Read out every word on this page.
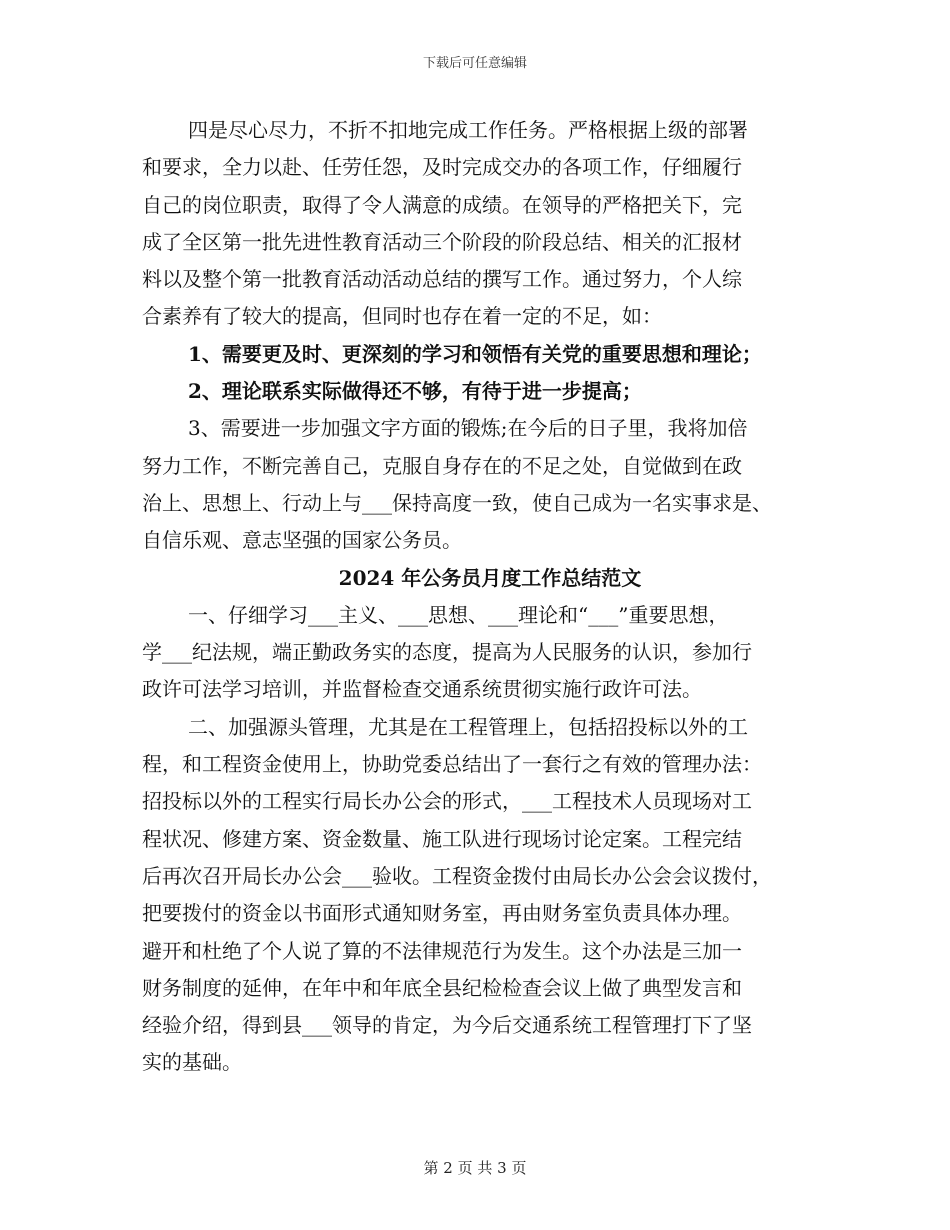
下载后可任意编辑
四是尽心尽力，不折不扣地完成工作任务。严格根据上级的部署
和要求，全力以赴、任劳任怨，及时完成交办的各项工作，仔细履行
自己的岗位职责，取得了令人满意的成绩。在领导的严格把关下，完
成了全区第一批先进性教育活动三个阶段的阶段总结、相关的汇报材
料以及整个第一批教育活动活动总结的撰写工作。通过努力，个人综
合素养有了较大的提高，但同时也存在着一定的不足，如：
1、需要更及时、更深刻的学习和领悟有关党的重要思想和理论；
2、理论联系实际做得还不够，有待于进一步提高；
3、需要进一步加强文字方面的锻炼;在今后的日子里，我将加倍
努力工作，不断完善自己，克服自身存在的不足之处，自觉做到在政
治上、思想上、行动上与___保持高度一致，使自己成为一名实事求是、
自信乐观、意志坚强的国家公务员。
2024 年公务员月度工作总结范文
一、仔细学习___主义、___思想、___理论和“___”重要思想，
学___纪法规，端正勤政务实的态度，提高为人民服务的认识，参加行
政许可法学习培训，并监督检查交通系统贯彻实施行政许可法。
二、加强源头管理，尤其是在工程管理上，包括招投标以外的工
程，和工程资金使用上，协助党委总结出了一套行之有效的管理办法：
招投标以外的工程实行局长办公会的形式，___工程技术人员现场对工
程状况、修建方案、资金数量、施工队进行现场讨论定案。工程完结
后再次召开局长办公会___验收。工程资金拨付由局长办公会会议拨付，
把要拨付的资金以书面形式通知财务室，再由财务室负责具体办理。
避开和杜绝了个人说了算的不法律规范行为发生。这个办法是三加一
财务制度的延伸，在年中和年底全县纪检检查会议上做了典型发言和
经验介绍，得到县___领导的肯定，为今后交通系统工程管理打下了坚
实的基础。
第 2 页 共 3 页
